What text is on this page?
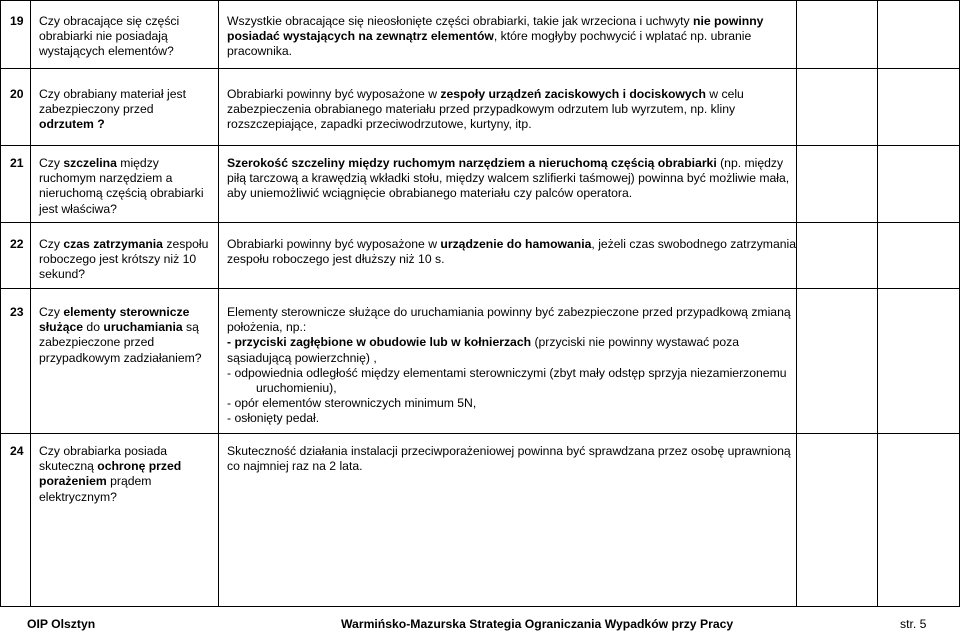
19 Czy obracające się części
obrabiarki nie posiadają
wystających elementów?
Wszystkie obracające się nieosłonięte części obrabiarki, takie jak wrzeciona i uchwyty nie powinny
posiadać wystających na zewnątrz elementów, które mogłyby pochwycić i wplatać np. ubranie
pracownika.
20 Czy obrabiany materiał jest
zabezpieczony przed
odrzutem ?
Obrabiarki powinny być wyposażone w zespoły urządzeń zaciskowych i dociskowych w celu
zabezpieczenia obrabianego materiału przed przypadkowym odrzutem lub wyrzutem, np. kliny
rozszczepiające, zapadki przeciwodrzutowe, kurtyny, itp.
21 Czy szczelina między
ruchomym narzędziem a
nieruchomą częścią obrabiarki
jest właściwa?
Szerokość szczeliny między ruchomym narzędziem a nieruchomą częścią obrabiarki (np. między
piłą tarczową a krawędzią wkładki stołu, między walcem szlifierki taśmowej) powinna być możliwie mała,
aby uniemożliwić wciągnięcie obrabianego materiału czy palców operatora.
22 Czy czas zatrzymania zespołu
roboczego jest krótszy niż 10
sekund?
Obrabiarki powinny być wyposażone w urządzenie do hamowania, jeżeli czas swobodnego zatrzymania
zespołu roboczego jest dłuższy niż 10 s.
23 Czy elementy sterownicze
służące do uruchamiania są
zabezpieczone przed
przypadkowym zadziałaniem?
Elementy sterownicze służące do uruchamiania powinny być zabezpieczone przed przypadkową zmianą
położenia, np.:
- przyciski zagłębione w obudowie lub w kołnierzach (przyciski nie powinny wystawać poza
sąsiadującą powierzchnię) ,
- odpowiednia odległość między elementami sterowniczymi (zbyt mały odstęp sprzyja niezamierzonemu
uruchomieniu),
- opór elementów sterowniczych minimum 5N,
- osłonięty pedał.
24 Czy obrabiarka posiada
skuteczną ochronę przed
porażeniem prądem
elektrycznym?
Skuteczność działania instalacji przeciwporażeniowej powinna być sprawdzana przez osobę uprawnioną
co najmniej raz na 2 lata.
OIP Olsztyn	Warmińsko-Mazurska Strategia Ograniczania Wypadków przy Pracy	str. 5
